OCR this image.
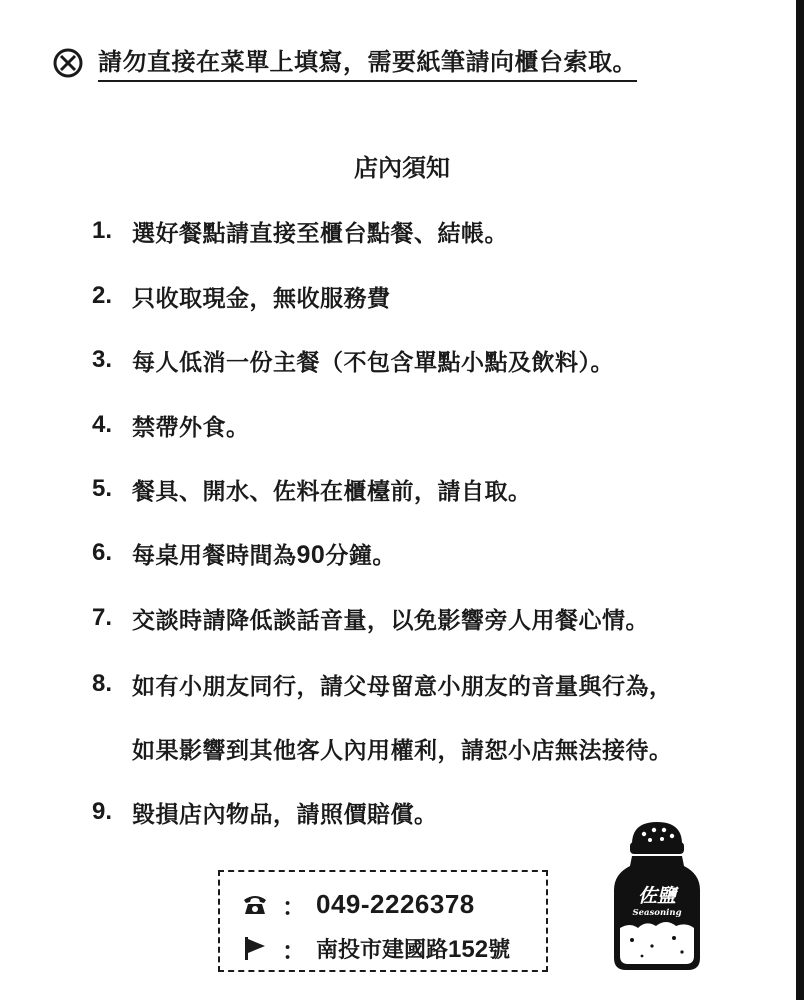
請勿直接在菜單上填寫，需要紙筆請向櫃台索取。
店內須知
1. 選好餐點請直接至櫃台點餐、結帳。
2. 只收取現金，無收服務費
3. 每人低消一份主餐（不包含單點小點及飲料）。
4. 禁帶外食。
5. 餐具、開水、佐料在櫃檯前，請自取。
6. 每桌用餐時間為90分鐘。
7. 交談時請降低談話音量，以免影響旁人用餐心情。
8. 如有小朋友同行，請父母留意小朋友的音量與行為，
如果影響到其他客人內用權利，請恕小店無法接待。
9. 毀損店內物品，請照價賠償。
： 049-2226378
： 南投市建國路152號
佐鹽
Seasoning
